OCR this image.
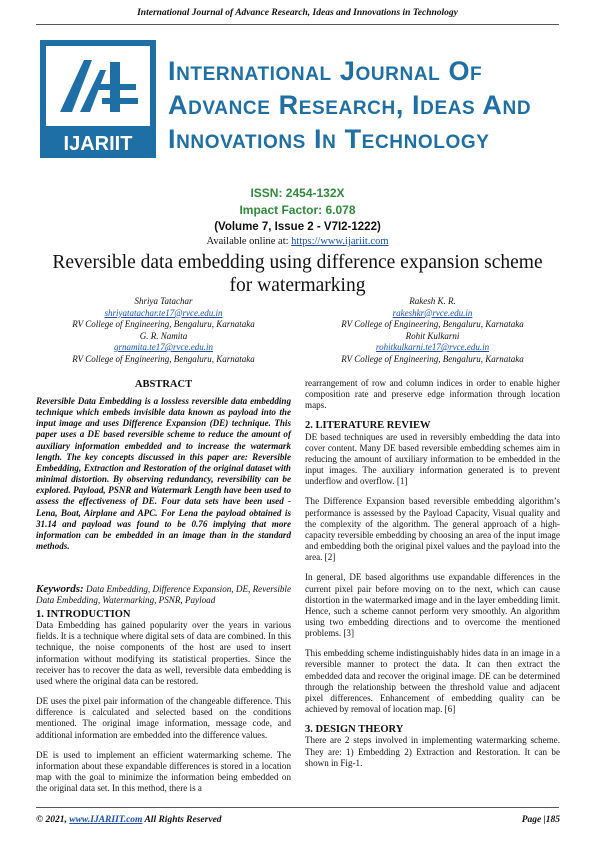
International Journal of Advance Research, Ideas and Innovations in Technology
IJARIIT
International Journal Of
Advance Research, Ideas And
Innovations In Technology
ISSN: 2454-132X
Impact Factor: 6.078
(Volume 7, Issue 2 - V7I2-1222)
Available online at: https://www.ijariit.com
Reversible data embedding using difference expansion scheme for watermarking
Shriya Tatachar
shriyatatachar.te17@rvce.edu.in
RV College of Engineering, Bengaluru, Karnataka
G. R. Namita
grnamita.te17@rvce.edu.in
RV College of Engineering, Bengaluru, Karnataka
Rakesh K. R.
rakeshkr@rvce.edu.in
RV College of Engineering, Bengaluru, Karnataka
Rohit Kulkarni
rohitkulkarni.te17@rvce.edu.in
RV College of Engineering, Bengaluru, Karnataka
ABSTRACT
Reversible Data Embedding is a lossless reversible data embedding technique which embeds invisible data known as payload into the input image and uses Difference Expansion (DE) technique. This paper uses a DE based reversible scheme to reduce the amount of auxiliary information embedded and to increase the watermark length. The key concepts discussed in this paper are: Reversible Embedding, Extraction and Restoration of the original dataset with minimal distortion. By observing redundancy, reversibility can be explored. Payload, PSNR and Watermark Length have been used to assess the effectiveness of DE. Four data sets have been used - Lena, Boat, Airplane and APC. For Lena the payload obtained is 31.14 and payload was found to be 0.76 implying that more information can be embedded in an image than in the standard methods.
Keywords: Data Embedding, Difference Expansion, DE, Reversible Data Embedding, Watermarking, PSNR, Payload
1. INTRODUCTION

Data Embedding has gained popularity over the years in various fields. It is a technique where digital sets of data are combined. In this technique, the noise components of the host are used to insert information without modifying its statistical properties. Since the receiver has to recover the data as well, reversible data embedding is used where the original data can be restored.

DE uses the pixel pair information of the changeable difference. This difference is calculated and selected based on the conditions mentioned. The original image information, message code, and additional information are embedded into the difference values.

DE is used to implement an efficient watermarking scheme. The information about these expandable differences is stored in a location map with the goal to minimize the information being embedded on the original data set. In this method, there is a

rearrangement of row and column indices in order to enable higher composition rate and preserve edge information through location maps.

2. LITERATURE REVIEW

DE based techniques are used in reversibly embedding the data into cover content. Many DE based reversible embedding schemes aim in reducing the amount of auxiliary information to be embedded in the input images. The auxiliary information generated is to prevent underflow and overflow. [1]

The Difference Expansion based reversible embedding algorithm’s performance is assessed by the Payload Capacity, Visual quality and the complexity of the algorithm. The general approach of a high-capacity reversible embedding by choosing an area of the input image and embedding both the original pixel values and the payload into the area. [2]

In general, DE based algorithms use expandable differences in the current pixel pair before moving on to the next, which can cause distortion in the watermarked image and in the layer embedding limit. Hence, such a scheme cannot perform very smoothly. An algorithm using two embedding directions and to overcome the mentioned problems. [3]

This embedding scheme indistinguishably hides data in an image in a reversible manner to protect the data. It can then extract the embedded data and recover the original image. DE can be determined through the relationship between the threshold value and adjacent pixel differences. Enhancement of embedding quality can be achieved by removal of location map. [6]

3. DESIGN THEORY

There are 2 steps involved in implementing watermarking scheme. They are: 1) Embedding 2) Extraction and Restoration. It can be shown in Fig-1.

© 2021, www.IJARIIT.com All Rights Reserved	Page |185
